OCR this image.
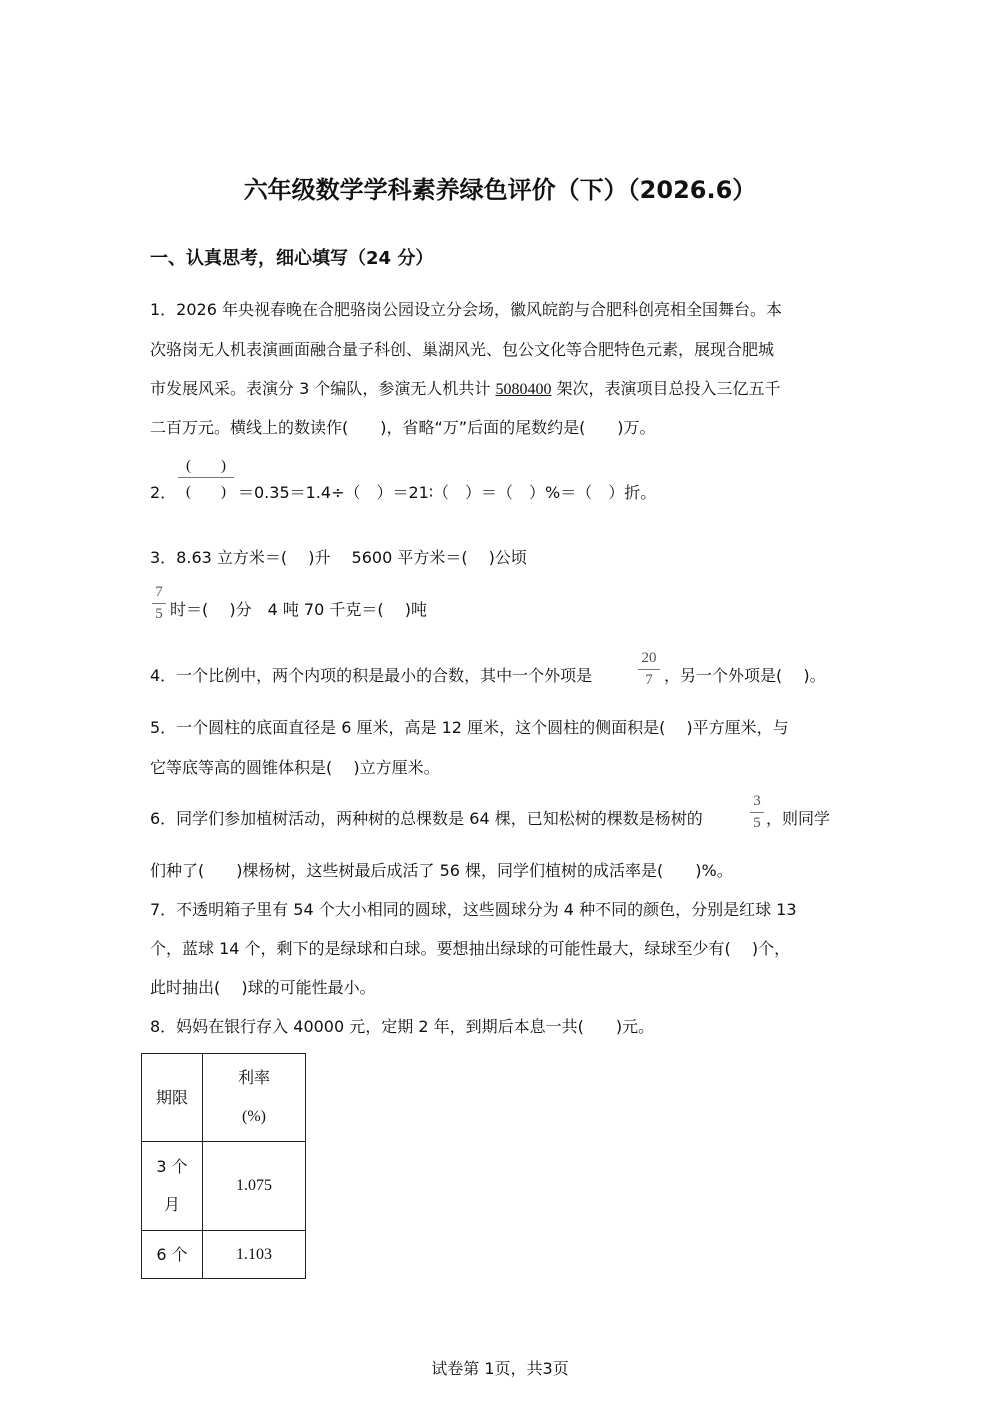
六年级数学学科素养绿色评价（下）（2026.6）
一、认真思考，细心填写（24 分）
1．2026 年央视春晚在合肥骆岗公园设立分会场，徽风皖韵与合肥科创亮相全国舞台。本
次骆岗无人机表演画面融合量子科创、巢湖风光、包公文化等合肥特色元素，展现合肥城
市发展风采。表演分 3 个编队，参演无人机共计 5080400 架次，表演项目总投入三亿五千
二百万元。横线上的数读作(　　)，省略“万”后面的尾数约是(　　)万。
(　　)
(　　)
2．	＝0.35＝1.4÷（　）＝21∶（　）＝（　）%＝（　）折。
3．8.63 立方米＝(　 )升　 5600 平方米＝(　 )公顷
7
5 时＝(　 )分　4 吨 70 千克＝(　 )吨
4．一个比例中，两个内项的积是最小的合数，其中一个外项是
20
7 ，另一个外项是(　 )。
5．一个圆柱的底面直径是 6 厘米，高是 12 厘米，这个圆柱的侧面积是(　 )平方厘米，与
它等底等高的圆锥体积是(　 )立方厘米。
6．同学们参加植树活动，两种树的总棵数是 64 棵，已知松树的棵数是杨树的
3
5 ，则同学
们种了(　　)棵杨树，这些树最后成活了 56 棵，同学们植树的成活率是(　　)%。
7．不透明箱子里有 54 个大小相同的圆球，这些圆球分为 4 种不同的颜色，分别是红球 13
个，蓝球 14 个，剩下的是绿球和白球。要想抽出绿球的可能性最大，绿球至少有(　 )个，
此时抽出(　 )球的可能性最小。
8．妈妈在银行存入 40000 元，定期 2 年，到期后本息一共(　　)元。
期限	利率
(%)
3 个
月	1.075
6 个	1.103
试卷第 1页，共3页
